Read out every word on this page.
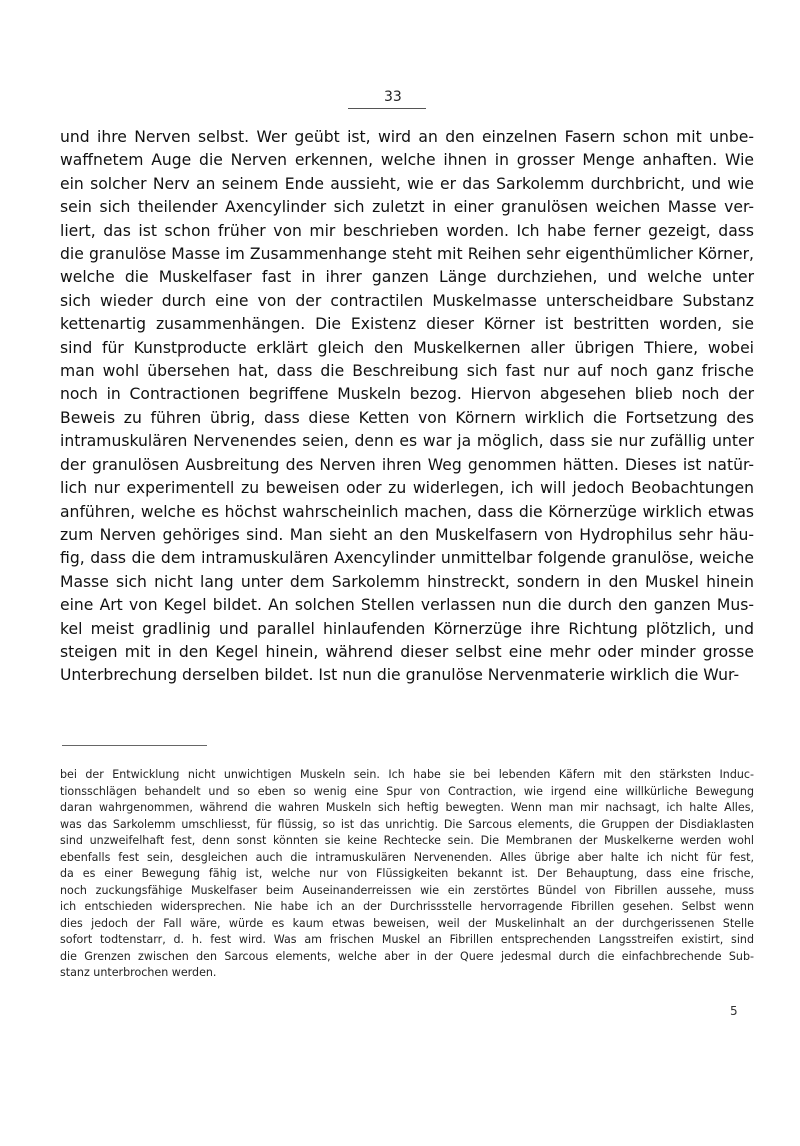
33
und ihre Nerven selbst. Wer geübt ist, wird an den einzelnen Fasern schon mit unbe-
waffnetem Auge die Nerven erkennen, welche ihnen in grosser Menge anhaften. Wie
ein solcher Nerv an seinem Ende aussieht, wie er das Sarkolemm durchbricht, und wie
sein sich theilender Axencylinder sich zuletzt in einer granulösen weichen Masse ver-
liert, das ist schon früher von mir beschrieben worden. Ich habe ferner gezeigt, dass
die granulöse Masse im Zusammenhange steht mit Reihen sehr eigenthümlicher Körner,
welche die Muskelfaser fast in ihrer ganzen Länge durchziehen, und welche unter
sich wieder durch eine von der contractilen Muskelmasse unterscheidbare Substanz
kettenartig zusammenhängen. Die Existenz dieser Körner ist bestritten worden, sie
sind für Kunstproducte erklärt gleich den Muskelkernen aller übrigen Thiere, wobei
man wohl übersehen hat, dass die Beschreibung sich fast nur auf noch ganz frische
noch in Contractionen begriffene Muskeln bezog. Hiervon abgesehen blieb noch der
Beweis zu führen übrig, dass diese Ketten von Körnern wirklich die Fortsetzung des
intramuskulären Nervenendes seien, denn es war ja möglich, dass sie nur zufällig unter
der granulösen Ausbreitung des Nerven ihren Weg genommen hätten. Dieses ist natür-
lich nur experimentell zu beweisen oder zu widerlegen, ich will jedoch Beobachtungen
anführen, welche es höchst wahrscheinlich machen, dass die Körnerzüge wirklich etwas
zum Nerven gehöriges sind. Man sieht an den Muskelfasern von Hydrophilus sehr häu-
fig, dass die dem intramuskulären Axencylinder unmittelbar folgende granulöse, weiche
Masse sich nicht lang unter dem Sarkolemm hinstreckt, sondern in den Muskel hinein
eine Art von Kegel bildet. An solchen Stellen verlassen nun die durch den ganzen Mus-
kel meist gradlinig und parallel hinlaufenden Körnerzüge ihre Richtung plötzlich, und
steigen mit in den Kegel hinein, während dieser selbst eine mehr oder minder grosse
Unterbrechung derselben bildet. Ist nun die granulöse Nervenmaterie wirklich die Wur-
bei der Entwicklung nicht unwichtigen Muskeln sein. Ich habe sie bei lebenden Käfern mit den stärksten Induc-
tionsschlägen behandelt und so eben so wenig eine Spur von Contraction, wie irgend eine willkürliche Bewegung
daran wahrgenommen, während die wahren Muskeln sich heftig bewegten. Wenn man mir nachsagt, ich halte Alles,
was das Sarkolemm umschliesst, für flüssig, so ist das unrichtig. Die Sarcous elements, die Gruppen der Disdiaklasten
sind unzweifelhaft fest, denn sonst könnten sie keine Rechtecke sein. Die Membranen der Muskelkerne werden wohl
ebenfalls fest sein, desgleichen auch die intramuskulären Nervenenden. Alles übrige aber halte ich nicht für fest,
da es einer Bewegung fähig ist, welche nur von Flüssigkeiten bekannt ist. Der Behauptung, dass eine frische,
noch zuckungsfähige Muskelfaser beim Auseinanderreissen wie ein zerstörtes Bündel von Fibrillen aussehe, muss
ich entschieden widersprechen. Nie habe ich an der Durchrissstelle hervorragende Fibrillen gesehen. Selbst wenn
dies jedoch der Fall wäre, würde es kaum etwas beweisen, weil der Muskelinhalt an der durchgerissenen Stelle
sofort todtenstarr, d. h. fest wird. Was am frischen Muskel an Fibrillen entsprechenden Langsstreifen existirt, sind
die Grenzen zwischen den Sarcous elements, welche aber in der Quere jedesmal durch die einfachbrechende Sub-
stanz unterbrochen werden.
5
